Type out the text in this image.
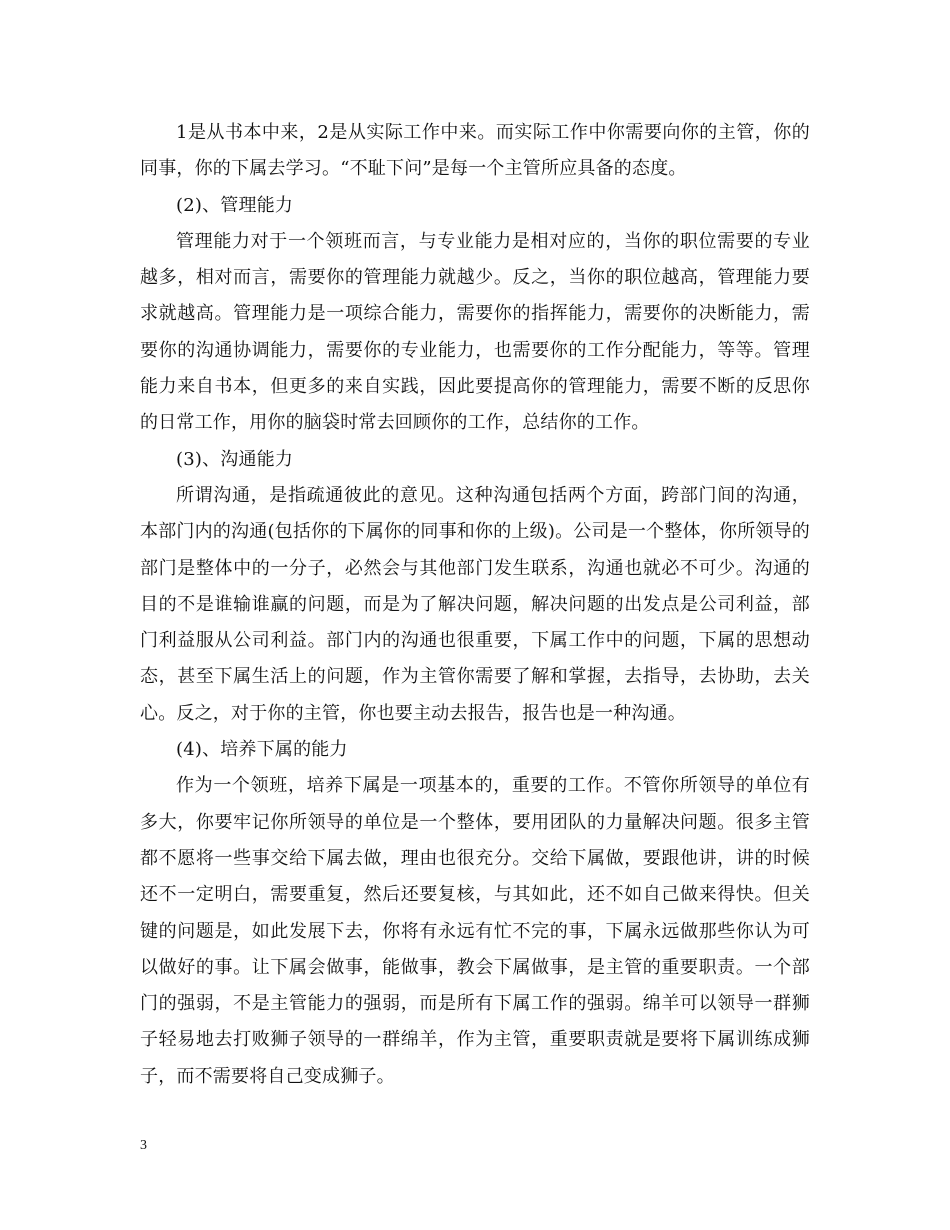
1是从书本中来，2是从实际工作中来。而实际工作中你需要向你的主管，你的同事，你的下属去学习。“不耻下问”是每一个主管所应具备的态度。

(2)、管理能力

管理能力对于一个领班而言，与专业能力是相对应的，当你的职位需要的专业越多，相对而言，需要你的管理能力就越少。反之，当你的职位越高，管理能力要求就越高。管理能力是一项综合能力，需要你的指挥能力，需要你的决断能力，需要你的沟通协调能力，需要你的专业能力，也需要你的工作分配能力，等等。管理能力来自书本，但更多的来自实践，因此要提高你的管理能力，需要不断的反思你的日常工作，用你的脑袋时常去回顾你的工作，总结你的工作。

(3)、沟通能力

所谓沟通，是指疏通彼此的意见。这种沟通包括两个方面，跨部门间的沟通，本部门内的沟通(包括你的下属你的同事和你的上级)。公司是一个整体，你所领导的部门是整体中的一分子，必然会与其他部门发生联系，沟通也就必不可少。沟通的目的不是谁输谁赢的问题，而是为了解决问题，解决问题的出发点是公司利益，部门利益服从公司利益。部门内的沟通也很重要，下属工作中的问题，下属的思想动态，甚至下属生活上的问题，作为主管你需要了解和掌握，去指导，去协助，去关心。反之，对于你的主管，你也要主动去报告，报告也是一种沟通。

(4)、培养下属的能力

作为一个领班，培养下属是一项基本的，重要的工作。不管你所领导的单位有多大，你要牢记你所领导的单位是一个整体，要用团队的力量解决问题。很多主管都不愿将一些事交给下属去做，理由也很充分。交给下属做，要跟他讲，讲的时候还不一定明白，需要重复，然后还要复核，与其如此，还不如自己做来得快。但关键的问题是，如此发展下去，你将有永远有忙不完的事，下属永远做那些你认为可以做好的事。让下属会做事，能做事，教会下属做事，是主管的重要职责。一个部门的强弱，不是主管能力的强弱，而是所有下属工作的强弱。绵羊可以领导一群狮子轻易地去打败狮子领导的一群绵羊，作为主管，重要职责就是要将下属训练成狮子，而不需要将自己变成狮子。

3
